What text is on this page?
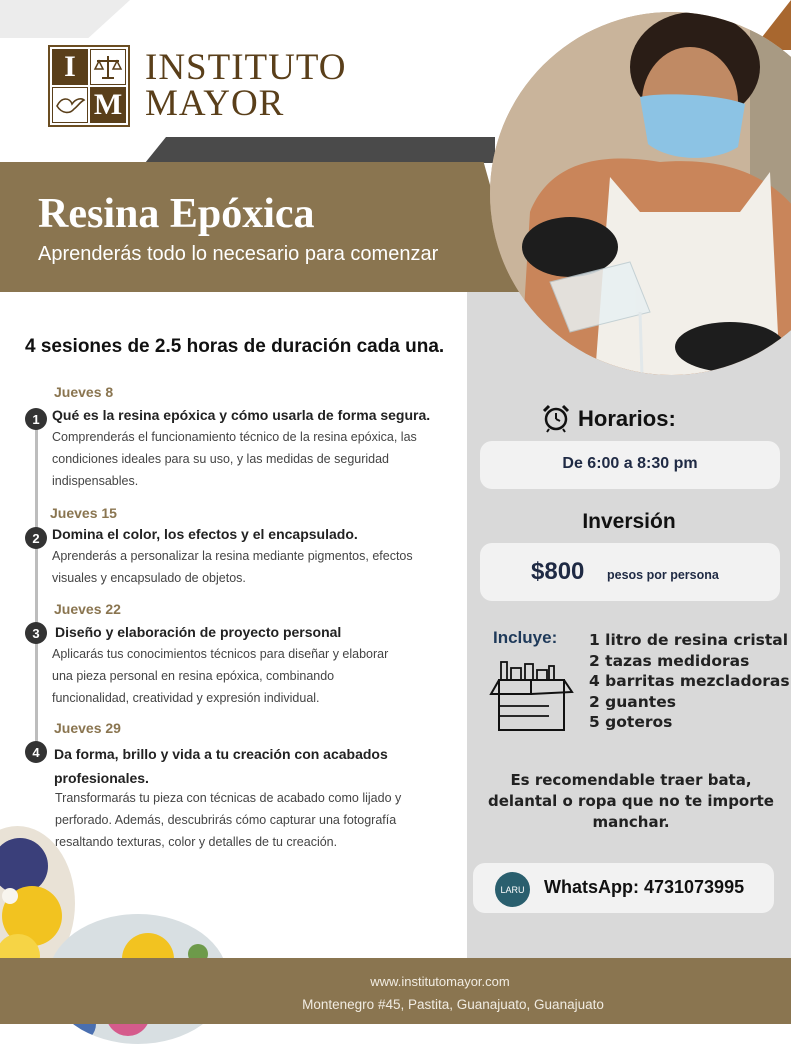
I
M
INSTITUTO
MAYOR
Resina Epóxica
Aprenderás todo lo necesario para comenzar
4 sesiones de 2.5 horas de duración cada una.
Jueves 8
1 Qué es la resina epóxica y cómo usarla de forma segura.
Comprenderás el funcionamiento técnico de la resina epóxica, las
condiciones ideales para su uso, y las medidas de seguridad
indispensables.
Jueves 15
2 Domina el color, los efectos y el encapsulado.
Aprenderás a personalizar la resina mediante pigmentos, efectos
visuales y encapsulado de objetos.
Jueves 22
3	Diseño y elaboración de proyecto personal
Aplicarás tus conocimientos técnicos para diseñar y elaborar
una pieza personal en resina epóxica, combinando
funcionalidad, creatividad y expresión individual.
Jueves 29
4	Da forma, brillo y vida a tu creación con acabados
profesionales.
Transformarás tu pieza con técnicas de acabado como lijado y
perforado. Además, descubrirás cómo capturar una fotografía
resaltando texturas, color y detalles de tu creación.
Horarios:
De 6:00 a 8:30 pm
Inversión
$800 pesos por persona
Incluye: 1 litro de resina cristal
2 tazas medidoras
4 barritas mezcladoras
2 guantes
5 goteros
Es recomendable traer bata,
delantal o ropa que no te importe
manchar.
LARU	WhatsApp: 4731073995
www.institutomayor.com
Montenegro #45, Pastita, Guanajuato, Guanajuato
